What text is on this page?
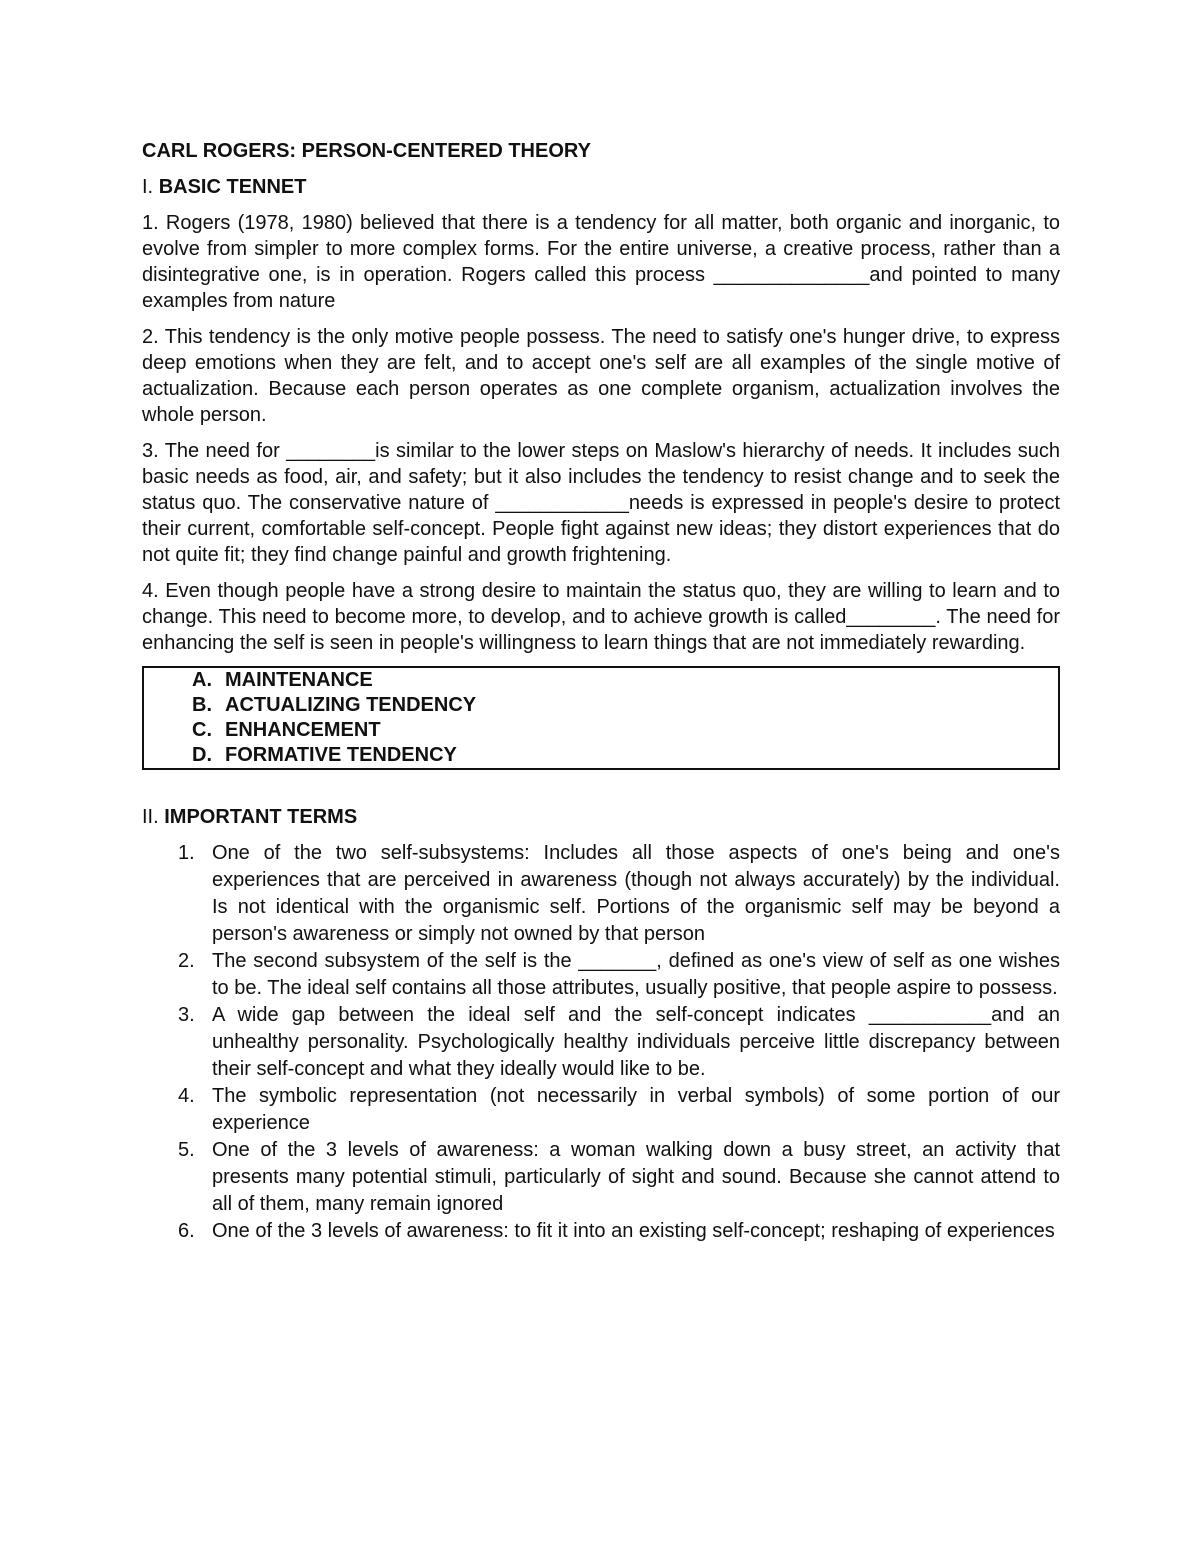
CARL ROGERS: PERSON-CENTERED THEORY
I. BASIC TENNET

1. Rogers (1978, 1980) believed that there is a tendency for all matter, both organic and inorganic, to evolve from simpler to more complex forms. For the entire universe, a creative process, rather than a disintegrative one, is in operation. Rogers called this process ______________and pointed to many examples from nature

2. This tendency is the only motive people possess. The need to satisfy one's hunger drive, to express deep emotions when they are felt, and to accept one's self are all examples of the single motive of actualization. Because each person operates as one complete organism, actualization involves the whole person.

3. The need for ________is similar to the lower steps on Maslow's hierarchy of needs. It includes such basic needs as food, air, and safety; but it also includes the tendency to resist change and to seek the status quo. The conservative nature of ____________needs is expressed in people's desire to protect their current, comfortable self-concept. People fight against new ideas; they distort experiences that do not quite fit; they find change painful and growth frightening.

4. Even though people have a strong desire to maintain the status quo, they are willing to learn and to change. This need to become more, to develop, and to achieve growth is called________. The need for enhancing the self is seen in people's willingness to learn things that are not immediately rewarding.

A. MAINTENANCE
B. ACTUALIZING TENDENCY
C. ENHANCEMENT
D. FORMATIVE TENDENCY
II. IMPORTANT TERMS
1. One of the two self-subsystems: Includes all those aspects of one's being and one's experiences that are perceived in awareness (though not always accurately) by the individual. Is not identical with the organismic self. Portions of the organismic self may be beyond a person's awareness or simply not owned by that person
2. The second subsystem of the self is the _______, defined as one's view of self as one wishes to be. The ideal self contains all those attributes, usually positive, that people aspire to possess.
3. A wide gap between the ideal self and the self-concept indicates ___________and an unhealthy personality. Psychologically healthy individuals perceive little discrepancy between their self-concept and what they ideally would like to be.
4. The symbolic representation (not necessarily in verbal symbols) of some portion of our experience
5. One of the 3 levels of awareness: a woman walking down a busy street, an activity that presents many potential stimuli, particularly of sight and sound. Because she cannot attend to all of them, many remain ignored
6. One of the 3 levels of awareness: to fit it into an existing self-concept; reshaping of experiences
